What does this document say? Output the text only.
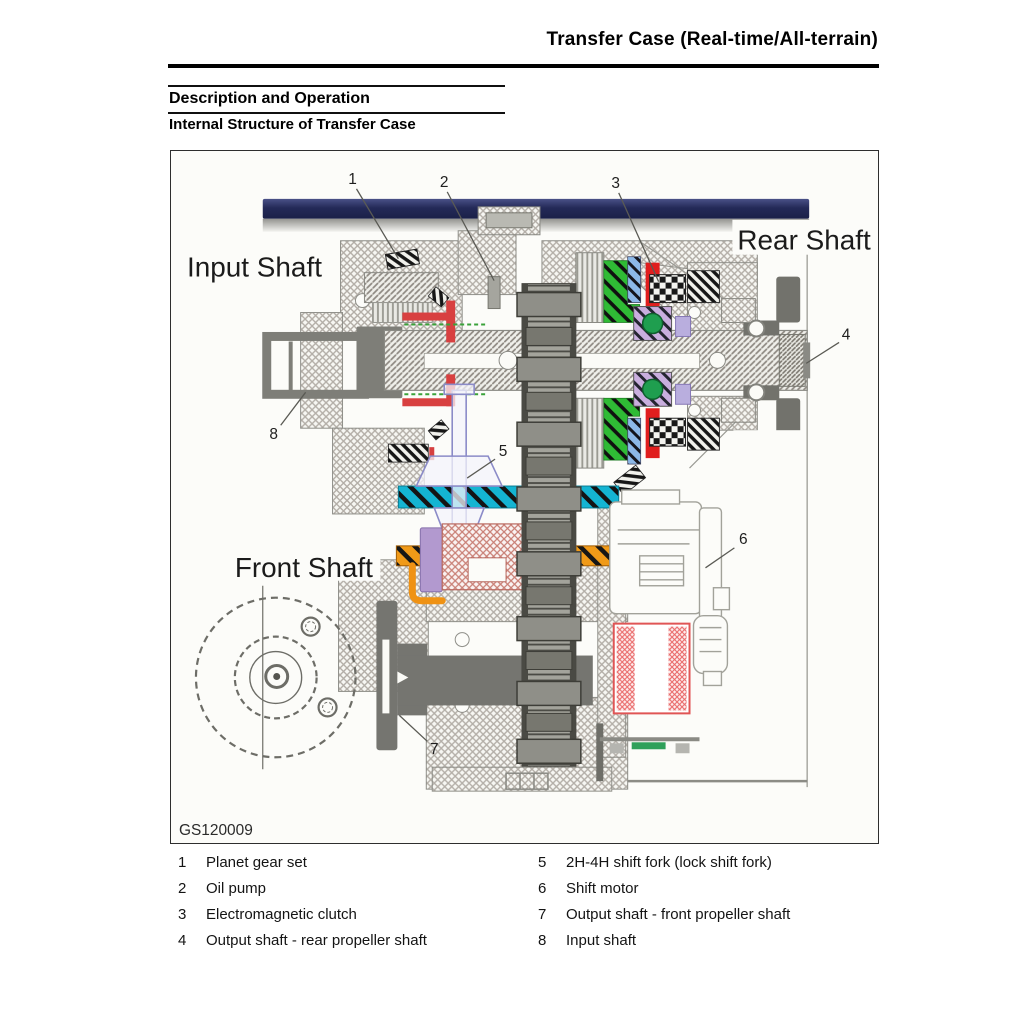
Transfer Case (Real-time/All-terrain)
Description and Operation
Internal Structure of Transfer Case
1	2	3
4
5
6
7
8
Input Shaft
Rear Shaft
Front Shaft
GS120009
1	Planet gear set
2	Oil pump
3	Electromagnetic clutch
4	Output shaft - rear propeller shaft
5	2H-4H shift fork (lock shift fork)
6	Shift motor
7	Output shaft - front propeller shaft
8	Input shaft
